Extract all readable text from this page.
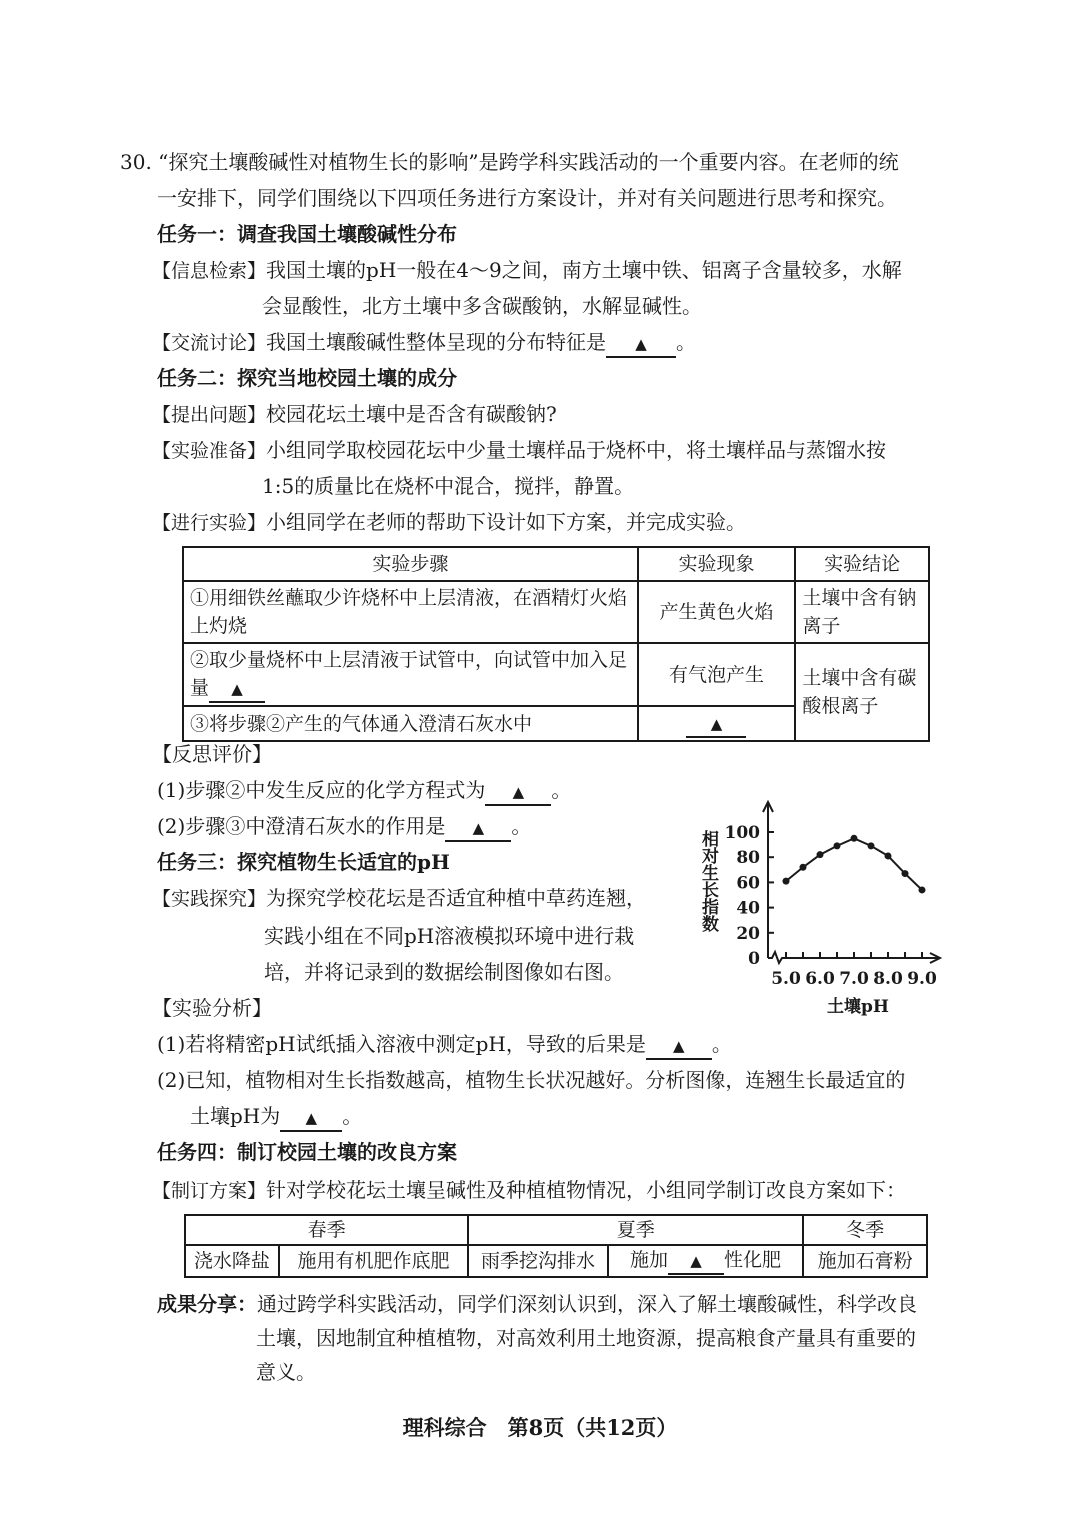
30. “探究土壤酸碱性对植物生长的影响”是跨学科实践活动的一个重要内容。在老师的统
一安排下，同学们围绕以下四项任务进行方案设计，并对有关问题进行思考和探究。
任务一：调查我国土壤酸碱性分布
【信息检索】我国土壤的pH一般在4～9之间，南方土壤中铁、铝离子含量较多，水解
会显酸性，北方土壤中多含碳酸钠，水解显碱性。
【交流讨论】我国土壤酸碱性整体呈现的分布特征是 ▲ 。
任务二：探究当地校园土壤的成分
【提出问题】校园花坛土壤中是否含有碳酸钠?
【实验准备】小组同学取校园花坛中少量土壤样品于烧杯中，将土壤样品与蒸馏水按
1:5的质量比在烧杯中混合，搅拌，静置。
【进行实验】小组同学在老师的帮助下设计如下方案，并完成实验。
实验步骤	实验现象	实验结论
①用细铁丝蘸取少许烧杯中上层清液，在酒精灯火焰上灼烧	产生黄色火焰	土壤中含有钠离子
②取少量烧杯中上层清液于试管中，向试管中加入足量 ▲	有气泡产生	土壤中含有碳酸根离子
③将步骤②产生的气体通入澄清石灰水中	▲	
【反思评价】
(1)步骤②中发生反应的化学方程式为 ▲ 。
(2)步骤③中澄清石灰水的作用是 ▲ 。
任务三：探究植物生长适宜的pH
【实践探究】为探究学校花坛是否适宜种植中草药连翘，
实践小组在不同pH溶液模拟环境中进行栽
培，并将记录到的数据绘制图像如右图。
0
20
40
60
80
100
5.0 6.0 7.0 8.0 9.0
相对生长指数
土壤pH
【实验分析】
(1)若将精密pH试纸插入溶液中测定pH，导致的后果是 ▲ 。
(2)已知，植物相对生长指数越高，植物生长状况越好。分析图像，连翘生长最适宜的
土壤pH为 ▲ 。
任务四：制订校园土壤的改良方案
【制订方案】针对学校花坛土壤呈碱性及种植植物情况，小组同学制订改良方案如下：
春季		夏季		冬季
浇水降盐	施用有机肥作底肥	雨季挖沟排水	施加 ▲ 性化肥	施加石膏粉
成果分享：通过跨学科实践活动，同学们深刻认识到，深入了解土壤酸碱性，科学改良
土壤，因地制宜种植植物，对高效利用土地资源，提高粮食产量具有重要的
意义。
理科综合　第8页（共12页）
